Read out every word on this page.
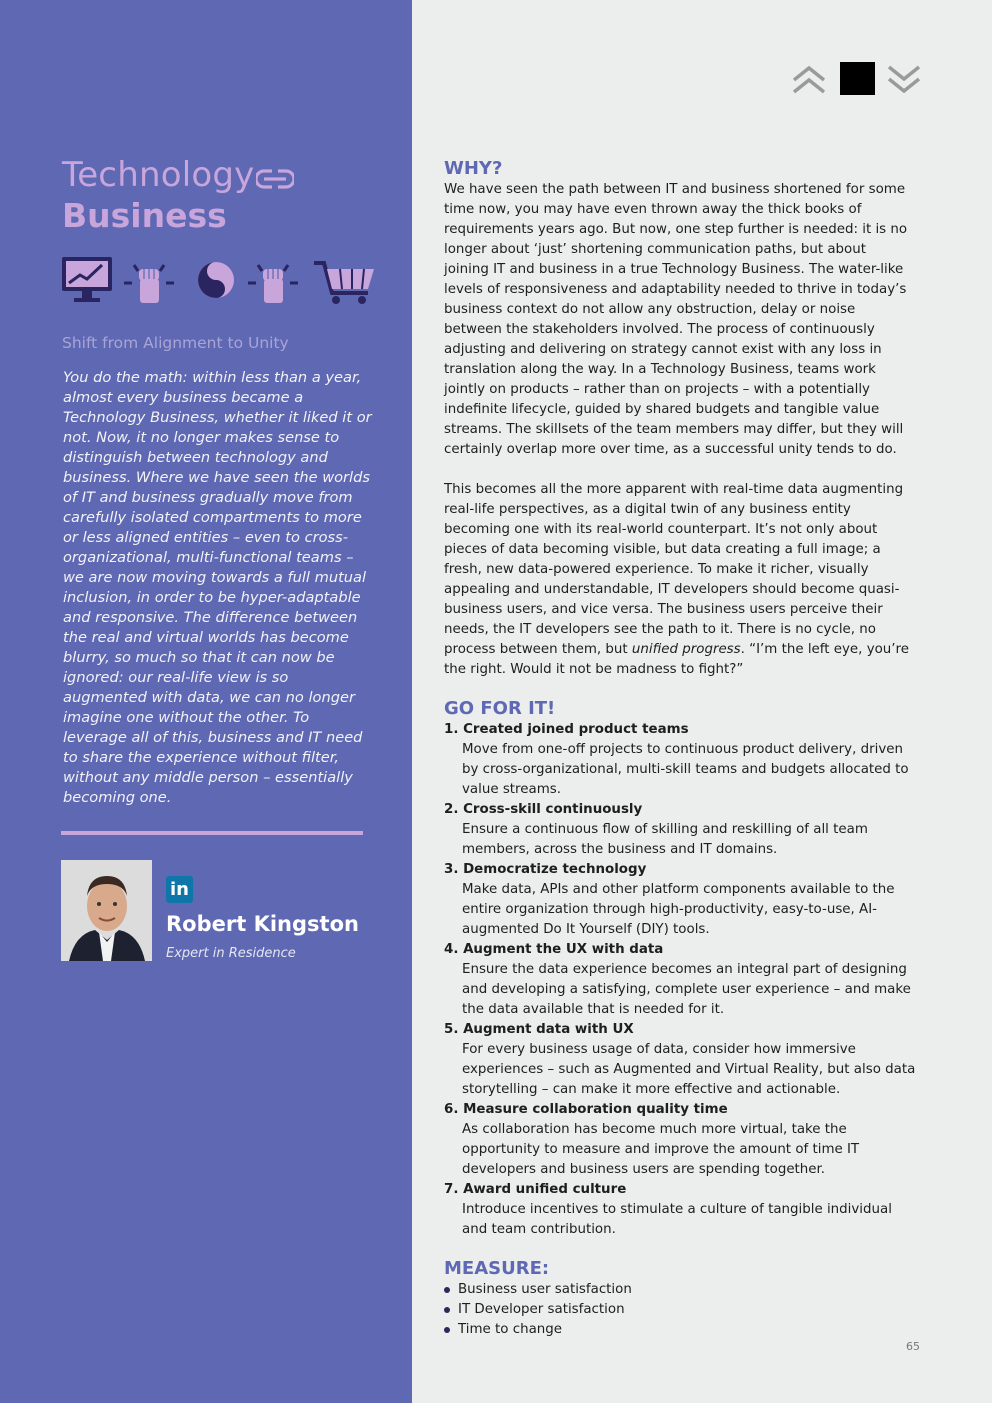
Technology
Business
Shift from Alignment to Unity
You do the math: within less than a year, almost every business became a Technology Business, whether it liked it or not. Now, it no longer makes sense to distinguish between technology and business. Where we have seen the worlds of IT and business gradually move from carefully isolated compartments to more or less aligned entities – even to cross-organizational, multi-functional teams – we are now moving towards a full mutual inclusion, in order to be hyper-adaptable and responsive. The difference between the real and virtual worlds has become blurry, so much so that it can now be ignored: our real-life view is so augmented with data, we can no longer imagine one without the other. To leverage all of this, business and IT need to share the experience without filter, without any middle person – essentially becoming one.
in
Robert Kingston
Expert in Residence
WHY?

We have seen the path between IT and business shortened for some time now, you may have even thrown away the thick books of requirements years ago. But now, one step further is needed: it is no longer about ‘just’ shortening communication paths, but about joining IT and business in a true Technology Business. The water-like levels of responsiveness and adaptability needed to thrive in today’s business context do not allow any obstruction, delay or noise between the stakeholders involved. The process of continuously adjusting and delivering on strategy cannot exist with any loss in translation along the way. In a Technology Business, teams work jointly on products – rather than on projects – with a potentially indefinite lifecycle, guided by shared budgets and tangible value streams. The skillsets of the team members may differ, but they will certainly overlap more over time, as a successful unity tends to do.

This becomes all the more apparent with real-time data augmenting real-life perspectives, as a digital twin of any business entity becoming one with its real-world counterpart. It’s not only about pieces of data becoming visible, but data creating a full image; a fresh, new data-powered experience. To make it richer, visually appealing and understandable, IT developers should become quasi-business users, and vice versa. The business users perceive their needs, the IT developers see the path to it. There is no cycle, no process between them, but unified progress. “I’m the left eye, you’re the right. Would it not be madness to fight?”

GO FOR IT!
1. Created joined product teams
Move from one-off projects to continuous product delivery, driven by cross-organizational, multi-skill teams and budgets allocated to value streams.
2. Cross-skill continuously
Ensure a continuous flow of skilling and reskilling of all team members, across the business and IT domains.
3. Democratize technology
Make data, APIs and other platform components available to the entire organization through high-productivity, easy-to-use, AI-augmented Do It Yourself (DIY) tools.
4. Augment the UX with data
Ensure the data experience becomes an integral part of designing and developing a satisfying, complete user experience – and make the data available that is needed for it.
5. Augment data with UX
For every business usage of data, consider how immersive experiences – such as Augmented and Virtual Reality, but also data storytelling – can make it more effective and actionable.
6. Measure collaboration quality time
As collaboration has become much more virtual, take the opportunity to measure and improve the amount of time IT developers and business users are spending together.
7. Award unified culture
Introduce incentives to stimulate a culture of tangible individual and team contribution.
MEASURE:
Business user satisfaction
IT Developer satisfaction
Time to change
65
